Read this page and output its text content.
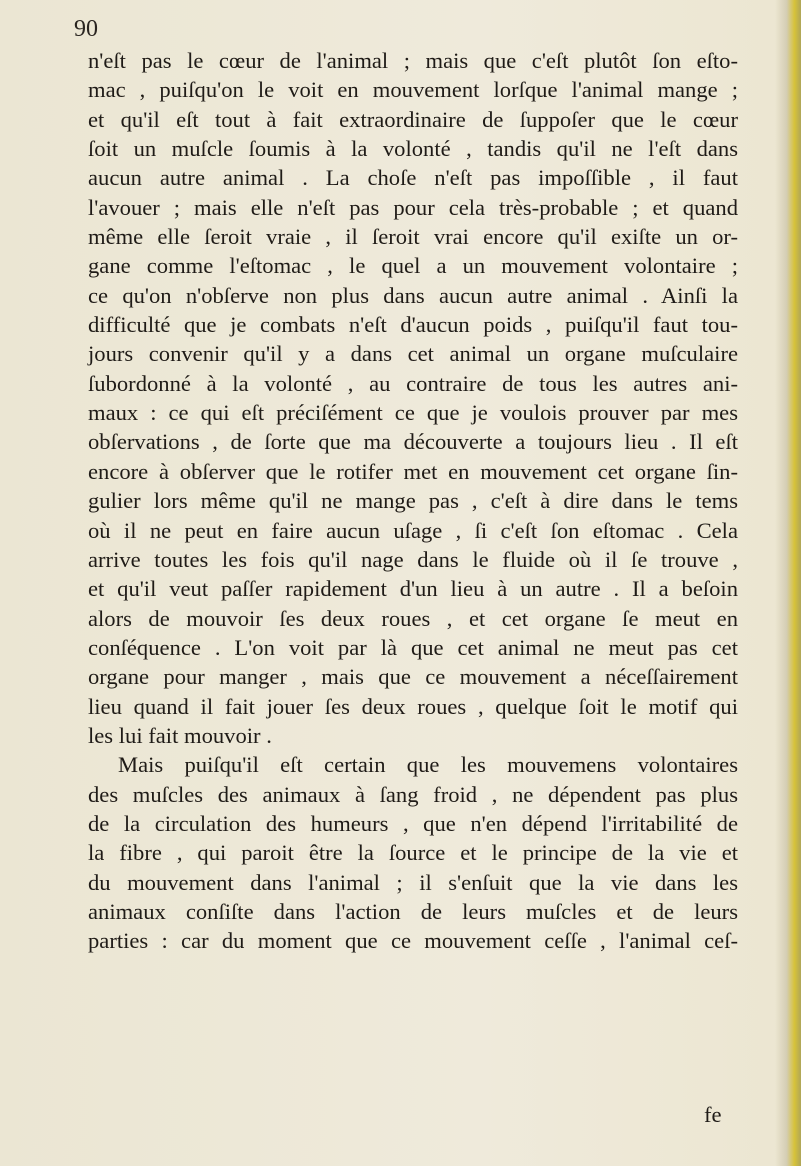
90
n'eſt pas le cœur de l'animal ; mais que c'eſt plutôt ſon eſto-
mac , puiſqu'on le voit en mouvement lorſque l'animal mange ;
et qu'il eſt tout à fait extraordinaire de ſuppoſer que le cœur
ſoit un muſcle ſoumis à la volonté , tandis qu'il ne l'eſt dans
aucun autre animal . La choſe n'eſt pas impoſſible , il faut
l'avouer ; mais elle n'eſt pas pour cela très-probable ; et quand
même elle ſeroit vraie , il ſeroit vrai encore qu'il exiſte un or-
gane comme l'eſtomac , le quel a un mouvement volontaire ;
ce qu'on n'obſerve non plus dans aucun autre animal . Ainſi la
difficulté que je combats n'eſt d'aucun poids , puiſqu'il faut tou-
jours convenir qu'il y a dans cet animal un organe muſculaire
ſubordonné à la volonté , au contraire de tous les autres ani-
maux : ce qui eſt préciſément ce que je voulois prouver par mes
obſervations , de ſorte que ma découverte a toujours lieu . Il eſt
encore à obſerver que le rotifer met en mouvement cet organe ſin-
gulier lors même qu'il ne mange pas , c'eſt à dire dans le tems
où il ne peut en faire aucun uſage , ſi c'eſt ſon eſtomac . Cela
arrive toutes les fois qu'il nage dans le fluide où il ſe trouve ,
et qu'il veut paſſer rapidement d'un lieu à un autre . Il a beſoin
alors de mouvoir ſes deux roues , et cet organe ſe meut en
conſéquence . L'on voit par là que cet animal ne meut pas cet
organe pour manger , mais que ce mouvement a néceſſairement
lieu quand il fait jouer ſes deux roues , quelque ſoit le motif qui
les lui fait mouvoir .
Mais puiſqu'il eſt certain que les mouvemens volontaires
des muſcles des animaux à ſang froid , ne dépendent pas plus
de la circulation des humeurs , que n'en dépend l'irritabilité de
la fibre , qui paroit être la ſource et le principe de la vie et
du mouvement dans l'animal ; il s'enſuit que la vie dans les
animaux conſiſte dans l'action de leurs muſcles et de leurs
parties : car du moment que ce mouvement ceſſe , l'animal ceſ-
fe
